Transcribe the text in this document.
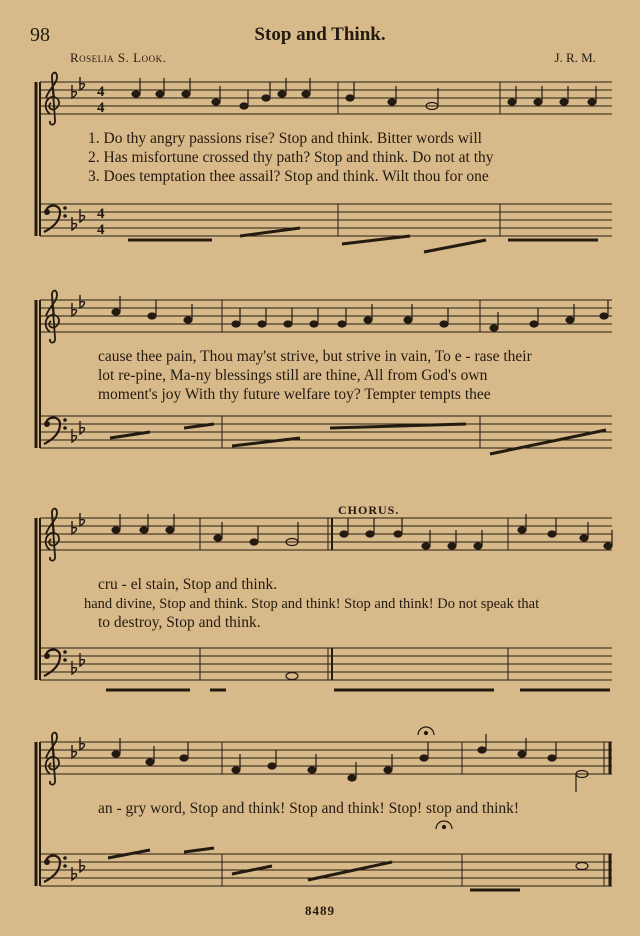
98	Stop and Think.
Roselia S. Look.	J. R. M.
4
4
4
4
1. Do thy angry passions rise? Stop and think. Bitter words will
2. Has misfortune crossed thy path? Stop and think. Do not at thy
3. Does temptation thee assail? Stop and think. Wilt thou for one
cause thee pain, Thou may'st strive, but strive in vain, To e - rase their
lot re-pine, Ma-ny blessings still are thine, All from God's own
moment's joy With thy future welfare toy? Tempter tempts thee
CHORUS.
cru - el stain, Stop and think.
hand divine, Stop and think. Stop and think! Stop and think! Do not speak that
to destroy, Stop and think.
an - gry word, Stop and think! Stop and think! Stop! stop and think!
8489
